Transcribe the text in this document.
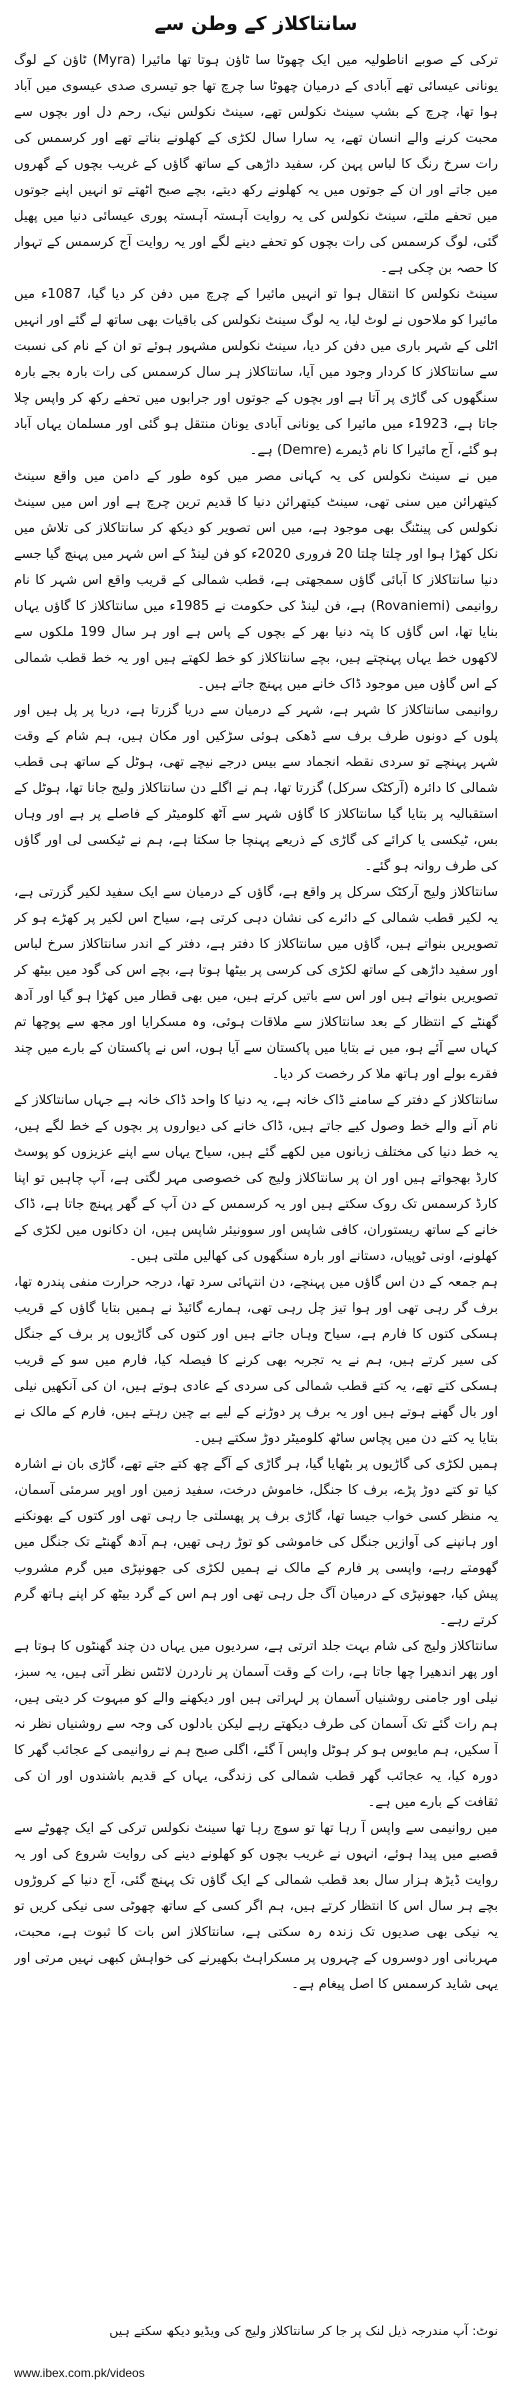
سانتاکلاز کے وطن سے

ترکی کے صوبے اناطولیہ میں ایک چھوٹا سا ٹاؤن ہوتا تھا مائیرا (Myra) ٹاؤن کے لوگ یونانی عیسائی تھے آبادی کے درمیان چھوٹا سا چرچ تھا جو تیسری صدی عیسوی میں آباد ہوا تھا، چرچ کے بشپ سینٹ نکولس تھے، سینٹ نکولس نیک، رحم دل اور بچوں سے محبت کرنے والے انسان تھے، یہ سارا سال لکڑی کے کھلونے بناتے تھے اور کرسمس کی رات سرخ رنگ کا لباس پہن کر، سفید داڑھی کے ساتھ گاؤں کے غریب بچوں کے گھروں میں جاتے اور ان کے جوتوں میں یہ کھلونے رکھ دیتے، بچے صبح اٹھتے تو انہیں اپنے جوتوں میں تحفے ملتے، سینٹ نکولس کی یہ روایت آہستہ آہستہ پوری عیسائی دنیا میں پھیل گئی، لوگ کرسمس کی رات بچوں کو تحفے دینے لگے اور یہ روایت آج کرسمس کے تہوار کا حصہ بن چکی ہے۔

سینٹ نکولس کا انتقال ہوا تو انہیں مائیرا کے چرچ میں دفن کر دیا گیا، 1087ء میں مائیرا کو ملاحوں نے لوٹ لیا، یہ لوگ سینٹ نکولس کی باقیات بھی ساتھ لے گئے اور انہیں اٹلی کے شہر باری میں دفن کر دیا، سینٹ نکولس مشہور ہوئے تو ان کے نام کی نسبت سے سانتاکلاز کا کردار وجود میں آیا، سانتاکلاز ہر سال کرسمس کی رات بارہ بجے بارہ سنگھوں کی گاڑی پر آتا ہے اور بچوں کے جوتوں اور جرابوں میں تحفے رکھ کر واپس چلا جاتا ہے، 1923ء میں مائیرا کی یونانی آبادی یونان منتقل ہو گئی اور مسلمان یہاں آباد ہو گئے، آج مائیرا کا نام ڈیمرے (Demre) ہے۔

میں نے سینٹ نکولس کی یہ کہانی مصر میں کوہ طور کے دامن میں واقع سینٹ کیتھرائن میں سنی تھی، سینٹ کیتھرائن دنیا کا قدیم ترین چرچ ہے اور اس میں سینٹ نکولس کی پینٹنگ بھی موجود ہے، میں اس تصویر کو دیکھ کر سانتاکلاز کی تلاش میں نکل کھڑا ہوا اور چلتا چلتا 20 فروری 2020ء کو فن لینڈ کے اس شہر میں پہنچ گیا جسے دنیا سانتاکلاز کا آبائی گاؤں سمجھتی ہے، قطب شمالی کے قریب واقع اس شہر کا نام روانیمی (Rovaniemi) ہے، فن لینڈ کی حکومت نے 1985ء میں سانتاکلاز کا گاؤں یہاں بنایا تھا، اس گاؤں کا پتہ دنیا بھر کے بچوں کے پاس ہے اور ہر سال 199 ملکوں سے لاکھوں خط یہاں پہنچتے ہیں، بچے سانتاکلاز کو خط لکھتے ہیں اور یہ خط قطب شمالی کے اس گاؤں میں موجود ڈاک خانے میں پہنچ جاتے ہیں۔

روانیمی سانتاکلاز کا شہر ہے، شہر کے درمیان سے دریا گزرتا ہے، دریا پر پل ہیں اور پلوں کے دونوں طرف برف سے ڈھکی ہوئی سڑکیں اور مکان ہیں، ہم شام کے وقت شہر پہنچے تو سردی نقطہ انجماد سے بیس درجے نیچے تھی، ہوٹل کے ساتھ ہی قطب شمالی کا دائرہ (آرکٹک سرکل) گزرتا تھا، ہم نے اگلے دن سانتاکلاز ولیج جانا تھا، ہوٹل کے استقبالیہ پر بتایا گیا سانتاکلاز کا گاؤں شہر سے آٹھ کلومیٹر کے فاصلے پر ہے اور وہاں بس، ٹیکسی یا کرائے کی گاڑی کے ذریعے پہنچا جا سکتا ہے، ہم نے ٹیکسی لی اور گاؤں کی طرف روانہ ہو گئے۔

سانتاکلاز ولیج آرکٹک سرکل پر واقع ہے، گاؤں کے درمیان سے ایک سفید لکیر گزرتی ہے، یہ لکیر قطب شمالی کے دائرے کی نشان دہی کرتی ہے، سیاح اس لکیر پر کھڑے ہو کر تصویریں بنواتے ہیں، گاؤں میں سانتاکلاز کا دفتر ہے، دفتر کے اندر سانتاکلاز سرخ لباس اور سفید داڑھی کے ساتھ لکڑی کی کرسی پر بیٹھا ہوتا ہے، بچے اس کی گود میں بیٹھ کر تصویریں بنواتے ہیں اور اس سے باتیں کرتے ہیں، میں بھی قطار میں کھڑا ہو گیا اور آدھ گھنٹے کے انتظار کے بعد سانتاکلاز سے ملاقات ہوئی، وہ مسکرایا اور مجھ سے پوچھا تم کہاں سے آئے ہو، میں نے بتایا میں پاکستان سے آیا ہوں، اس نے پاکستان کے بارے میں چند فقرے بولے اور ہاتھ ملا کر رخصت کر دیا۔

سانتاکلاز کے دفتر کے سامنے ڈاک خانہ ہے، یہ دنیا کا واحد ڈاک خانہ ہے جہاں سانتاکلاز کے نام آنے والے خط وصول کیے جاتے ہیں، ڈاک خانے کی دیواروں پر بچوں کے خط لگے ہیں، یہ خط دنیا کی مختلف زبانوں میں لکھے گئے ہیں، سیاح یہاں سے اپنے عزیزوں کو پوسٹ کارڈ بھجواتے ہیں اور ان پر سانتاکلاز ولیج کی خصوصی مہر لگتی ہے، آپ چاہیں تو اپنا کارڈ کرسمس تک روک سکتے ہیں اور یہ کرسمس کے دن آپ کے گھر پہنچ جاتا ہے، ڈاک خانے کے ساتھ ریستوران، کافی شاپس اور سوونیئر شاپس ہیں، ان دکانوں میں لکڑی کے کھلونے، اونی ٹوپیاں، دستانے اور بارہ سنگھوں کی کھالیں ملتی ہیں۔

ہم جمعہ کے دن اس گاؤں میں پہنچے، دن انتہائی سرد تھا، درجہ حرارت منفی پندرہ تھا، برف گر رہی تھی اور ہوا تیز چل رہی تھی، ہمارے گائیڈ نے ہمیں بتایا گاؤں کے قریب ہسکی کتوں کا فارم ہے، سیاح وہاں جاتے ہیں اور کتوں کی گاڑیوں پر برف کے جنگل کی سیر کرتے ہیں، ہم نے یہ تجربہ بھی کرنے کا فیصلہ کیا، فارم میں سو کے قریب ہسکی کتے تھے، یہ کتے قطب شمالی کی سردی کے عادی ہوتے ہیں، ان کی آنکھیں نیلی اور بال گھنے ہوتے ہیں اور یہ برف پر دوڑنے کے لیے بے چین رہتے ہیں، فارم کے مالک نے بتایا یہ کتے دن میں پچاس ساٹھ کلومیٹر دوڑ سکتے ہیں۔

ہمیں لکڑی کی گاڑیوں پر بٹھایا گیا، ہر گاڑی کے آگے چھ کتے جتے تھے، گاڑی بان نے اشارہ کیا تو کتے دوڑ پڑے، برف کا جنگل، خاموش درخت، سفید زمین اور اوپر سرمئی آسمان، یہ منظر کسی خواب جیسا تھا، گاڑی برف پر پھسلتی جا رہی تھی اور کتوں کے بھونکنے اور ہانپنے کی آوازیں جنگل کی خاموشی کو توڑ رہی تھیں، ہم آدھ گھنٹے تک جنگل میں گھومتے رہے، واپسی پر فارم کے مالک نے ہمیں لکڑی کی جھونپڑی میں گرم مشروب پیش کیا، جھونپڑی کے درمیان آگ جل رہی تھی اور ہم اس کے گرد بیٹھ کر اپنے ہاتھ گرم کرتے رہے۔

سانتاکلاز ولیج کی شام بہت جلد اترتی ہے، سردیوں میں یہاں دن چند گھنٹوں کا ہوتا ہے اور پھر اندھیرا چھا جاتا ہے، رات کے وقت آسمان پر ناردرن لائٹس نظر آتی ہیں، یہ سبز، نیلی اور جامنی روشنیاں آسمان پر لہراتی ہیں اور دیکھنے والے کو مبہوت کر دیتی ہیں، ہم رات گئے تک آسمان کی طرف دیکھتے رہے لیکن بادلوں کی وجہ سے روشنیاں نظر نہ آ سکیں، ہم مایوس ہو کر ہوٹل واپس آ گئے، اگلی صبح ہم نے روانیمی کے عجائب گھر کا دورہ کیا، یہ عجائب گھر قطب شمالی کی زندگی، یہاں کے قدیم باشندوں اور ان کی ثقافت کے بارے میں ہے۔

میں روانیمی سے واپس آ رہا تھا تو سوچ رہا تھا سینٹ نکولس ترکی کے ایک چھوٹے سے قصبے میں پیدا ہوئے، انہوں نے غریب بچوں کو کھلونے دینے کی روایت شروع کی اور یہ روایت ڈیڑھ ہزار سال بعد قطب شمالی کے ایک گاؤں تک پہنچ گئی، آج دنیا کے کروڑوں بچے ہر سال اس کا انتظار کرتے ہیں، ہم اگر کسی کے ساتھ چھوٹی سی نیکی کریں تو یہ نیکی بھی صدیوں تک زندہ رہ سکتی ہے، سانتاکلاز اس بات کا ثبوت ہے، محبت، مہربانی اور دوسروں کے چہروں پر مسکراہٹ بکھیرنے کی خواہش کبھی نہیں مرتی اور یہی شاید کرسمس کا اصل پیغام ہے۔

نوٹ: آپ مندرجہ ذیل لنک پر جا کر سانتاکلاز ولیج کی ویڈیو دیکھ سکتے ہیں
www.ibex.com.pk/videos
